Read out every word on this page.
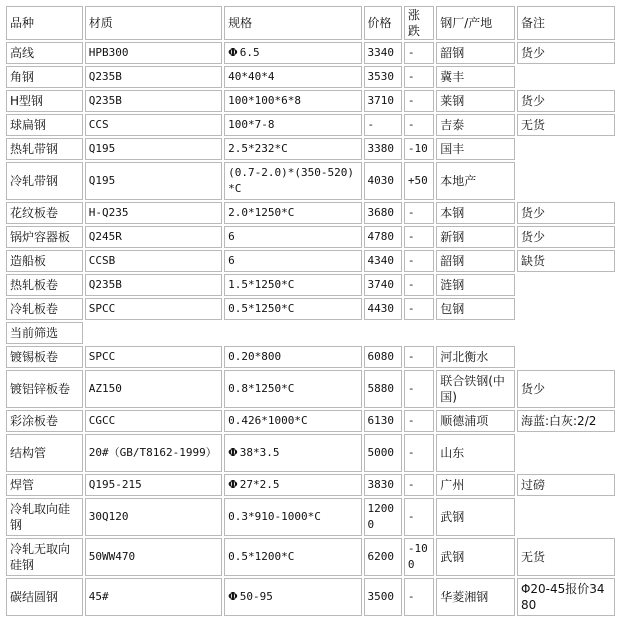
品种	材质	规格	价格	涨跌	钢厂/产地	备注
高线	HPB300	Φ 6.5	3340	-	韶钢	货少
角钢	Q235B	40*40*4	3530	-	冀丰	
H型钢	Q235B	100*100*6*8	3710	-	莱钢	货少
球扁钢	CCS	100*7-8	-	-	吉泰	无货
热轧带钢	Q195	2.5*232*C	3380	-10	国丰	
冷轧带钢	Q195	(0.7-2.0)*(350-520)*C	4030	+50	本地产	
花纹板卷	H-Q235	2.0*1250*C	3680	-	本钢	货少
锅炉容器板	Q245R	6	4780	-	新钢	货少
造船板	CCSB	6	4340	-	韶钢	缺货
热轧板卷	Q235B	1.5*1250*C	3740	-	涟钢	
冷轧板卷	SPCC	0.5*1250*C	4430	-	包钢	
当前筛选						
镀锡板卷	SPCC	0.20*800	6080	-	河北衡水	
镀铝锌板卷	AZ150	0.8*1250*C	5880	-	联合铁钢(中国)	货少
彩涂板卷	CGCC	0.426*1000*C	6130	-	顺德浦项	海蓝:白灰:2/2
结构管	20#（GB/T8162-1999）	Φ 38*3.5	5000	-	山东	
焊管	Q195-215	Φ 27*2.5	3830	-	广州	过磅
冷轧取向硅钢	30Q120	0.3*910-1000*C	12000	-	武钢	
冷轧无取向硅钢	50WW470	0.5*1200*C	6200	-100	武钢	无货
碳结圆钢	45#	Φ 50-95	3500	-	华菱湘钢	Φ20-45报价3480
